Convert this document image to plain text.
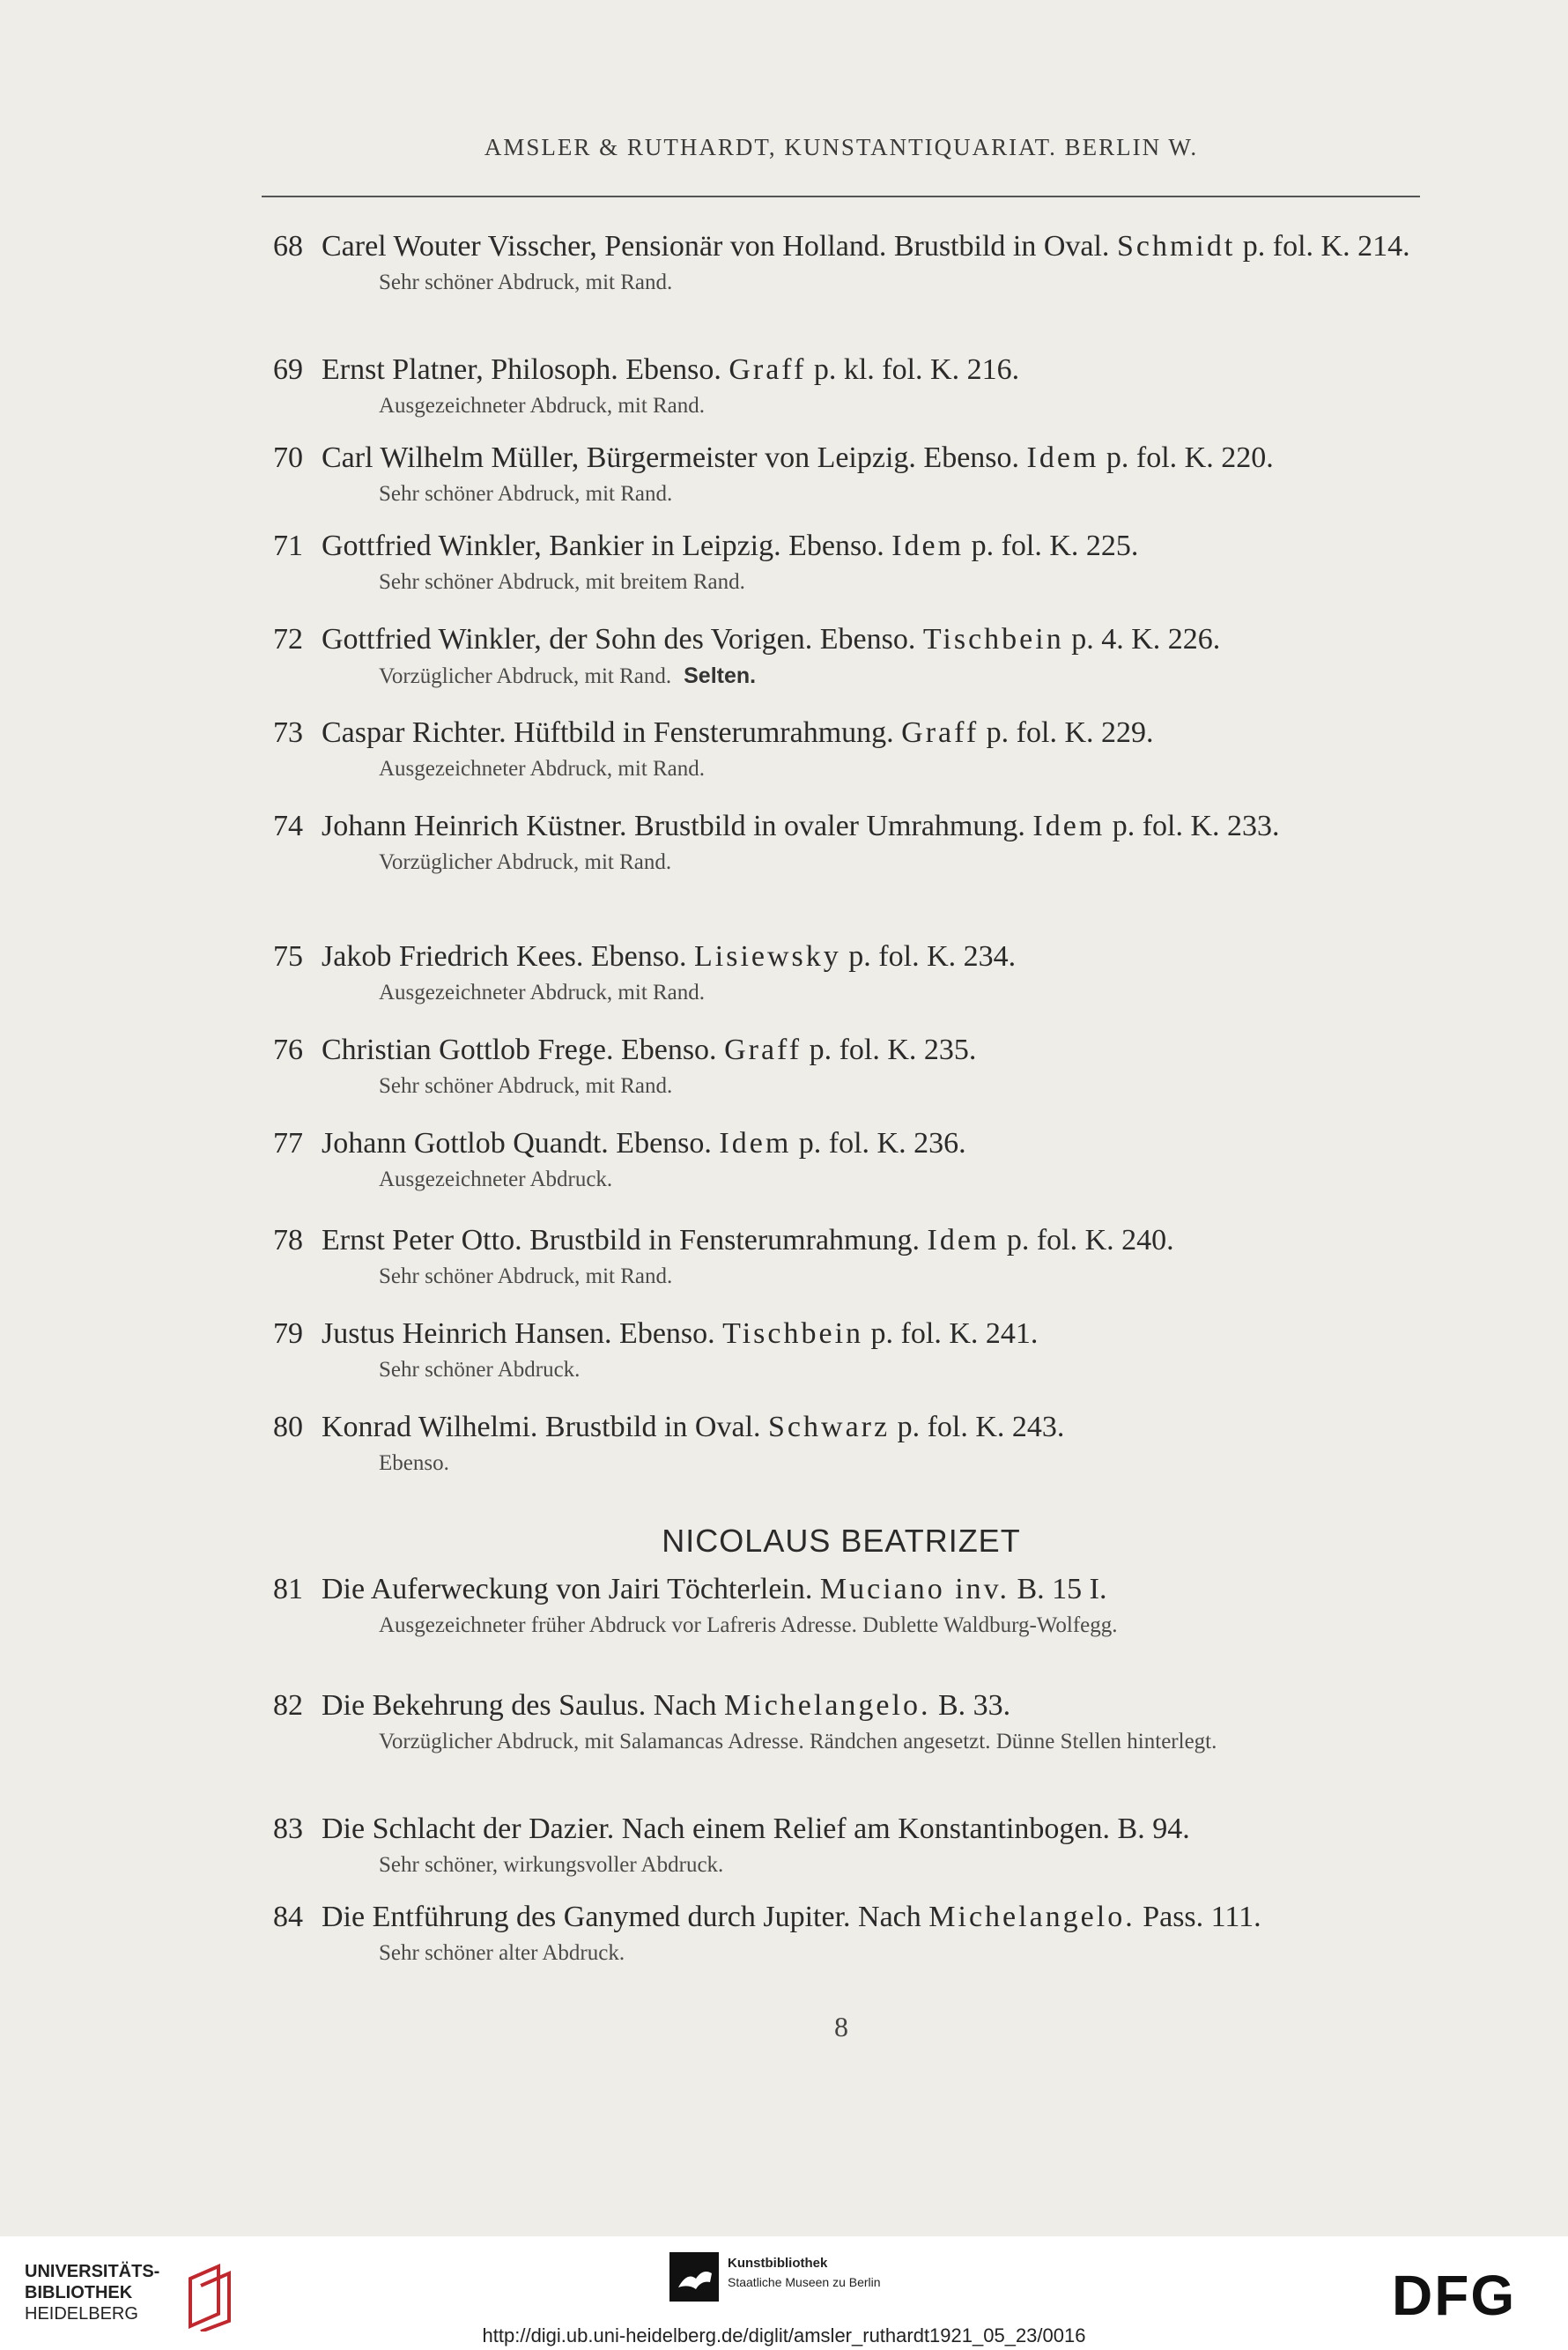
AMSLER & RUTHARDT, KUNSTANTIQUARIAT. BERLIN W.

68 Carel Wouter Visscher, Pensionär von Holland. Brustbild in Oval. Schmidt p. fol. K. 214.

Sehr schöner Abdruck, mit Rand.

69 Ernst Platner, Philosoph. Ebenso. Graff p. kl. fol. K. 216.

Ausgezeichneter Abdruck, mit Rand.

70 Carl Wilhelm Müller, Bürgermeister von Leipzig. Ebenso. Idem p. fol. K. 220.

Sehr schöner Abdruck, mit Rand.

71 Gottfried Winkler, Bankier in Leipzig. Ebenso. Idem p. fol. K. 225.

Sehr schöner Abdruck, mit breitem Rand.

72 Gottfried Winkler, der Sohn des Vorigen. Ebenso. Tischbein p. 4. K. 226.

Vorzüglicher Abdruck, mit Rand. Selten.

73 Caspar Richter. Hüftbild in Fensterumrahmung. Graff p. fol. K. 229.

Ausgezeichneter Abdruck, mit Rand.

74 Johann Heinrich Küstner. Brustbild in ovaler Umrahmung. Idem p. fol. K. 233.

Vorzüglicher Abdruck, mit Rand.

75 Jakob Friedrich Kees. Ebenso. Lisiewsky p. fol. K. 234.

Ausgezeichneter Abdruck, mit Rand.

76 Christian Gottlob Frege. Ebenso. Graff p. fol. K. 235.

Sehr schöner Abdruck, mit Rand.

77 Johann Gottlob Quandt. Ebenso. Idem p. fol. K. 236.

Ausgezeichneter Abdruck.

78 Ernst Peter Otto. Brustbild in Fensterumrahmung. Idem p. fol. K. 240.

Sehr schöner Abdruck, mit Rand.

79 Justus Heinrich Hansen. Ebenso. Tischbein p. fol. K. 241.

Sehr schöner Abdruck.

80 Konrad Wilhelmi. Brustbild in Oval. Schwarz p. fol. K. 243.

Ebenso.

NICOLAUS BEATRIZET

81 Die Auferweckung von Jairi Töchterlein. Muciano inv. B. 15 I.

Ausgezeichneter früher Abdruck vor Lafreris Adresse. Dublette Waldburg-Wolfegg.

82 Die Bekehrung des Saulus. Nach Michelangelo. B. 33.

Vorzüglicher Abdruck, mit Salamancas Adresse. Rändchen angesetzt. Dünne Stellen hinterlegt.

83 Die Schlacht der Dazier. Nach einem Relief am Konstantinbogen. B. 94.

Sehr schöner, wirkungsvoller Abdruck.

84 Die Entführung des Ganymed durch Jupiter. Nach Michelangelo. Pass. 111.

Sehr schöner alter Abdruck.

8
UNIVERSITÄTS-
BIBLIOTHEK
HEIDELBERG
Kunstbibliothek
Staatliche Museen zu Berlin	DFG
http://digi.ub.uni-heidelberg.de/diglit/amsler_ruthardt1921_05_23/0016
